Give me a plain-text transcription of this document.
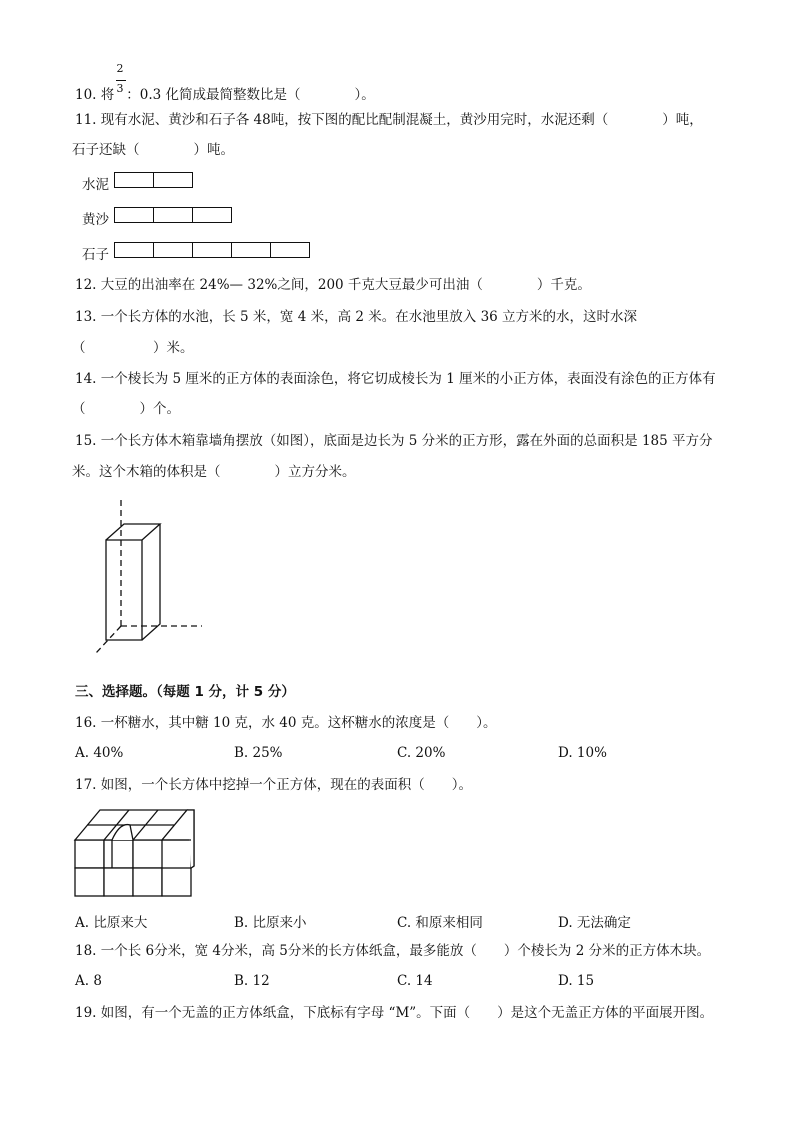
2
3
10. 将 ：0.3 化简成最简整数比是（　　　　）。
11. 现有水泥、黄沙和石子各 48吨，按下图的配比配制混凝土，黄沙用完时，水泥还剩（　　　　）吨，
石子还缺（　　　　）吨。
水泥
黄沙
石子
12. 大豆的出油率在 24%— 32%之间，200 千克大豆最少可出油（　　　　）千克。
13. 一个长方体的水池，长 5 米，宽 4 米，高 2 米。在水池里放入 36 立方米的水，这时水深
（　　　　　）米。
14. 一个棱长为 5 厘米的正方体的表面涂色，将它切成棱长为 1 厘米的小正方体，表面没有涂色的正方体有
（　　　　）个。
15. 一个长方体木箱靠墙角摆放（如图），底面是边长为 5 分米的正方形，露在外面的总面积是 185 平方分
米。这个木箱的体积是（　　　　）立方分米。
三、选择题。（每题 1 分，计 5 分）
16. 一杯糖水，其中糖 10 克，水 40 克。这杯糖水的浓度是（　　）。
A. 40%	B. 25%	C. 20%	D. 10%
17. 如图，一个长方体中挖掉一个正方体，现在的表面积（　　）。
A. 比原来大	B. 比原来小	C. 和原来相同	D. 无法确定
18. 一个长 6分米，宽 4分米，高 5分米的长方体纸盒，最多能放（　　）个棱长为 2 分米的正方体木块。
A. 8	B. 12	C. 14	D. 15
19. 如图，有一个无盖的正方体纸盒，下底标有字母 “M”。下面（　　）是这个无盖正方体的平面展开图。
